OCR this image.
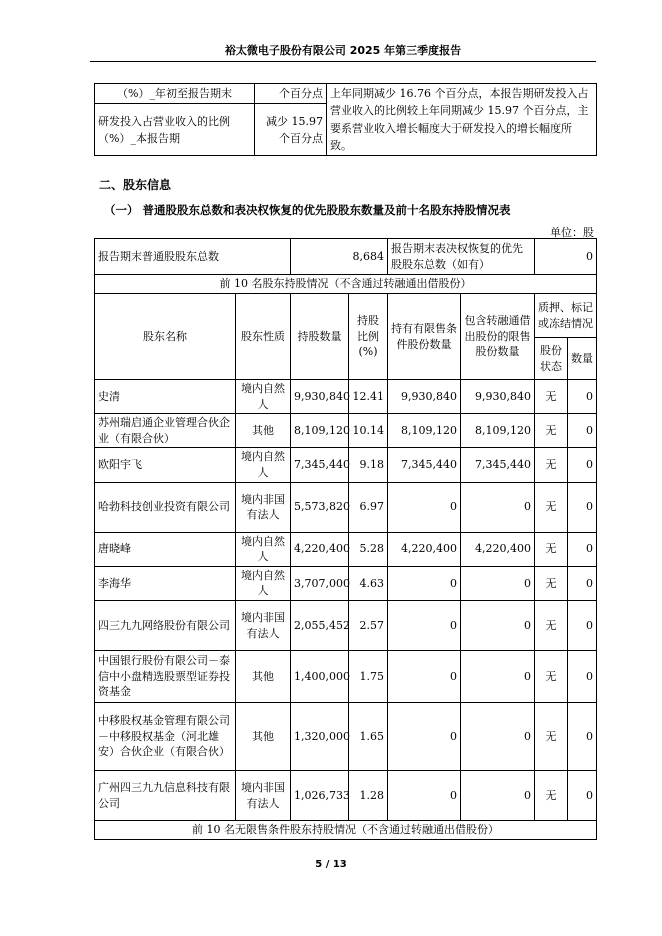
裕太微电子股份有限公司 2025 年第三季度报告
（%）_年初至报告期末	个百分点	上年同期减少 16.76 个百分点，本报告期研发投入占营业收入的比例较上年同期减少 15.97 个百分点，主要系营业收入增长幅度大于研发投入的增长幅度所致。
研发投入占营业收入的比例（%）_本报告期	减少 15.97 个百分点	
二、股东信息
（一） 普通股股东总数和表决权恢复的优先股股东数量及前十名股东持股情况表
单位：股
报告期末普通股股东总数		8,684		报告期末表决权恢复的优先股股东总数（如有）		0	
前 10 名股东持股情况（不含通过转融通出借股份）							
股东名称	股东性质	持股数量	持股比例(%)	持有有限售条件股份数量	包含转融通借出股份的限售股份数量	质押、标记或冻结情况	
						股份状态	数量
史清	境内自然人	9,930,840	12.41	9,930,840	9,930,840	无	0
苏州瑞启通企业管理合伙企业（有限合伙）	其他	8,109,120	10.14	8,109,120	8,109,120	无	0
欧阳宇飞	境内自然人	7,345,440	9.18	7,345,440	7,345,440	无	0
哈勃科技创业投资有限公司	境内非国有法人	5,573,820	6.97	0	0	无	0
唐晓峰	境内自然人	4,220,400	5.28	4,220,400	4,220,400	无	0
李海华	境内自然人	3,707,000	4.63	0	0	无	0
四三九九网络股份有限公司	境内非国有法人	2,055,452	2.57	0	0	无	0
中国银行股份有限公司－泰信中小盘精选股票型证券投资基金	其他	1,400,000	1.75	0	0	无	0
中移股权基金管理有限公司－中移股权基金（河北雄安）合伙企业（有限合伙）	其他	1,320,000	1.65	0	0	无	0
广州四三九九信息科技有限公司	境内非国有法人	1,026,733	1.28	0	0	无	0
前 10 名无限售条件股东持股情况（不含通过转融通出借股份）							
5 / 13
